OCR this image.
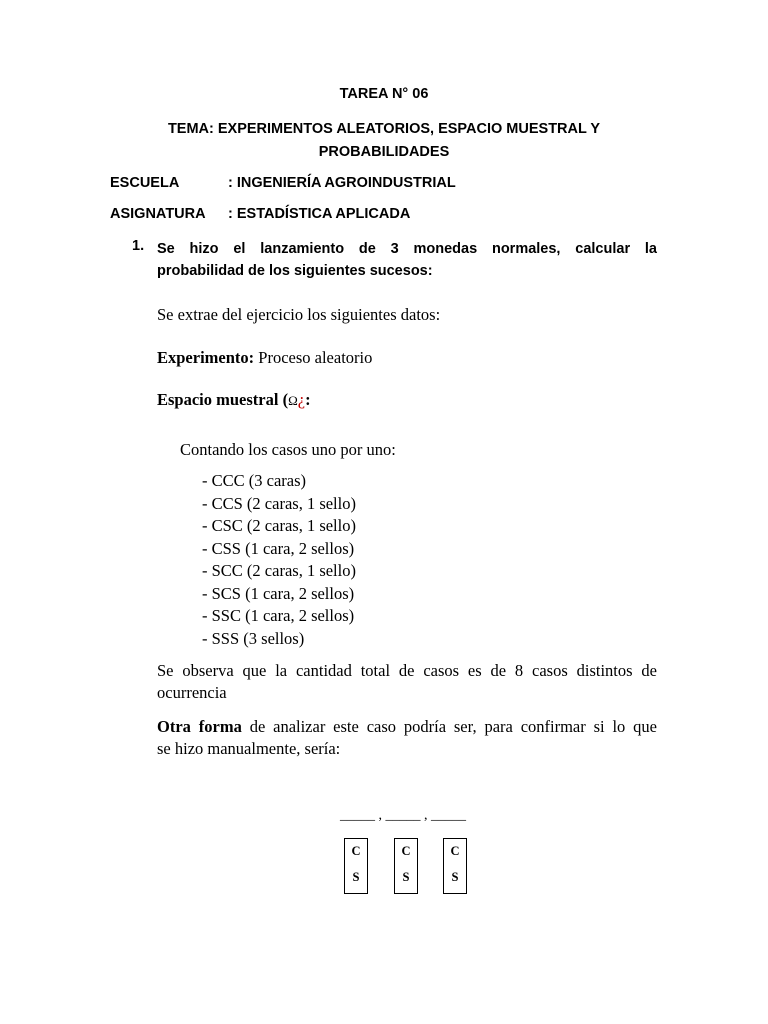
TAREA N° 06
TEMA: EXPERIMENTOS ALEATORIOS, ESPACIO MUESTRAL Y
PROBABILIDADES
ESCUELA	: INGENIERÍA AGROINDUSTRIAL
ASIGNATURA : ESTADÍSTICA APLICADA
1. Se hizo el lanzamiento de 3 monedas normales, calcular la
probabilidad de los siguientes sucesos:
Se extrae del ejercicio los siguientes datos:
Experimento: Proceso aleatorio
Espacio muestral (Ω¿:
Contando los casos uno por uno:
- CCC (3 caras)
- CCS (2 caras, 1 sello)
- CSC (2 caras, 1 sello)
- CSS (1 cara, 2 sellos)
- SCC (2 caras, 1 sello)
- SCS (1 cara, 2 sellos)
- SSC (1 cara, 2 sellos)
- SSS (3 sellos)
Se observa que la cantidad total de casos es de 8 casos distintos de
ocurrencia
Otra forma de analizar este caso podría ser, para confirmar si lo que
se hizo manualmente, sería:
_____ , _____ , _____
C
S
C
S
C
S
